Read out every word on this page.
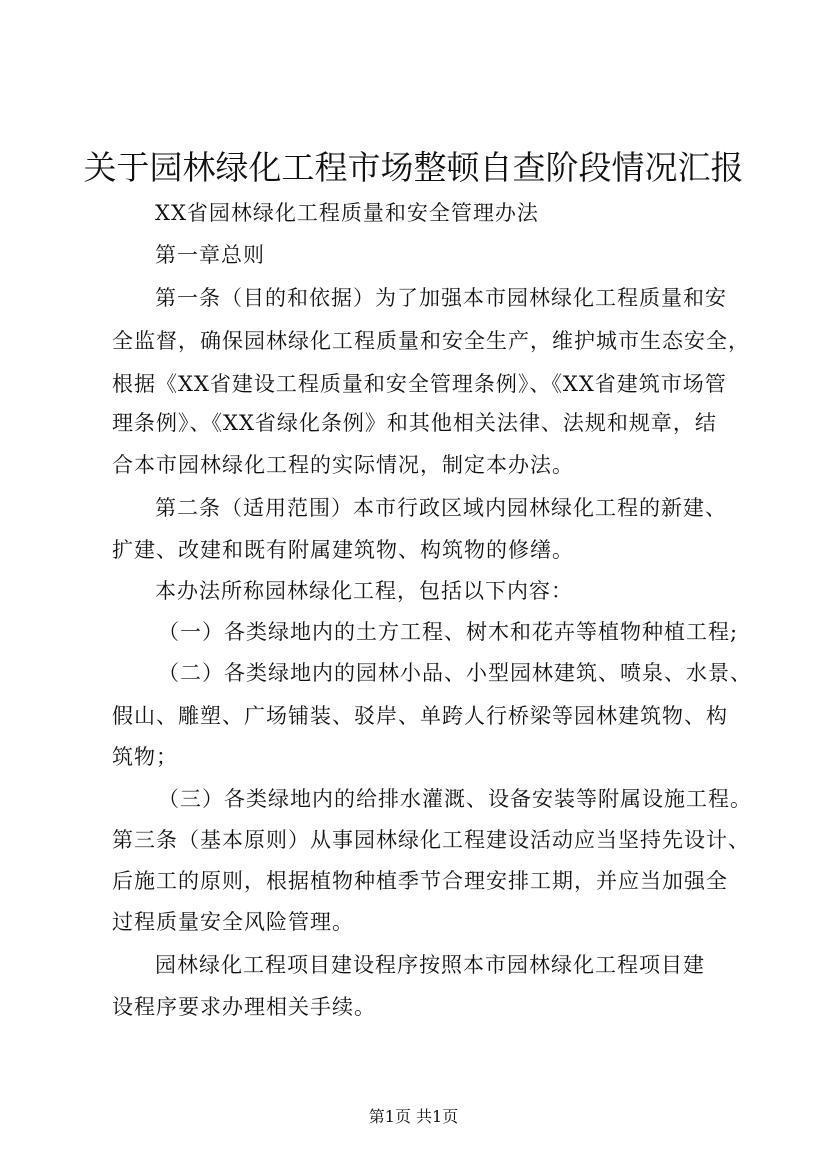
关于园林绿化工程市场整顿自查阶段情况汇报
XX省园林绿化工程质量和安全管理办法
第一章总则
第一条（目的和依据）为了加强本市园林绿化工程质量和安
全监督，确保园林绿化工程质量和安全生产，维护城市生态安全，
根据《XX省建设工程质量和安全管理条例》、《XX省建筑市场管
理条例》、《XX省绿化条例》和其他相关法律、法规和规章，结
合本市园林绿化工程的实际情况，制定本办法。
第二条（适用范围）本市行政区域内园林绿化工程的新建、
扩建、改建和既有附属建筑物、构筑物的修缮。
本办法所称园林绿化工程，包括以下内容：
（一）各类绿地内的土方工程、树木和花卉等植物种植工程;
（二）各类绿地内的园林小品、小型园林建筑、喷泉、水景、
假山、雕塑、广场铺装、驳岸、单跨人行桥梁等园林建筑物、构
筑物；
（三）各类绿地内的给排水灌溉、设备安装等附属设施工程。
第三条（基本原则）从事园林绿化工程建设活动应当坚持先设计、
后施工的原则，根据植物种植季节合理安排工期，并应当加强全
过程质量安全风险管理。
园林绿化工程项目建设程序按照本市园林绿化工程项目建
设程序要求办理相关手续。
第1页 共1页
